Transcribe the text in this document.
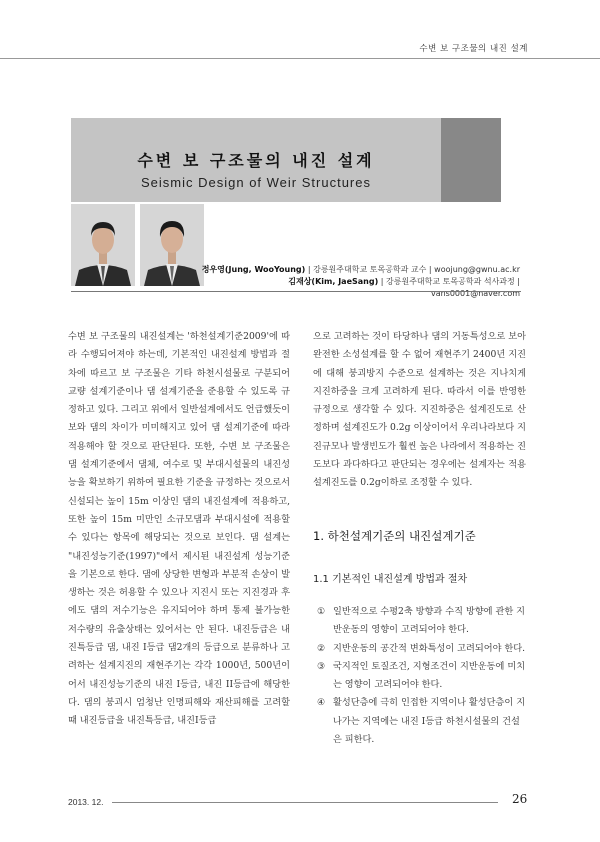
수변 보 구조물의 내진 설계
수변 보 구조물의 내진 설계
Seismic Design of Weir Structures
정우영(Jung, WooYoung) | 강릉원주대학교 토목공학과 교수 | woojung@gwnu.ac.kr
김재상(Kim, JaeSang) | 강릉원주대학교 토목공학과 석사과정 | vans0001@naver.com
수변 보 구조물의 내진설계는 '하천설계기준2009'에 따라 수행되어져야 하는데, 기본적인 내진설계 방법과 절차에 따르고 보 구조물은 기타 하천시설물로 구분되어 교량 설계기준이나 댐 설계기준을 준용할 수 있도록 규정하고 있다. 그리고 위에서 일반설계에서도 언급했듯이 보와 댐의 차이가 미미해지고 있어 댐 설계기준에 따라 적용해야 할 것으로 판단된다. 또한, 수변 보 구조물은 댐 설계기준에서 댐체, 여수로 및 부대시설물의 내진성능을 확보하기 위하여 필요한 기준을 규정하는 것으로서 신설되는 높이 15m 이상인 댐의 내진설계에 적용하고, 또한 높이 15m 미만인 소규모댐과 부대시설에 적용할 수 있다는 항목에 해당되는 것으로 보인다. 댐 설계는 "내진성능기준(1997)"에서 제시된 내진설계 성능기준을 기본으로 한다. 댐에 상당한 변형과 부분적 손상이 발생하는 것은 허용할 수 있으나 지진시 또는 지진경과 후에도 댐의 저수기능은 유지되어야 하며 통제 불가능한 저수량의 유출상태는 있어서는 안 된다. 내진등급은 내진특등급 댐, 내진 I등급 댐2개의 등급으로 분류하나 고려하는 설계지진의 재현주기는 각각 1000년, 500년이어서 내진성능기준의 내진 I등급, 내진 II등급에 해당한다. 댐의 붕괴시 엄청난 인명피해와 재산피해를 고려할 때 내진등급을 내진특등급, 내진I등급
으로 고려하는 것이 타당하나 댐의 거동특성으로 보아 완전한 소성설계를 할 수 없어 재현주기 2400년 지진에 대해 붕괴방지 수준으로 설계하는 것은 지나치게 지진하중을 크게 고려하게 된다. 따라서 이를 반영한 규정으로 생각할 수 있다. 지진하중은 설계진도로 산정하며 설계진도가 0.2g 이상이어서 우리나라보다 지진규모나 발생빈도가 훨씬 높은 나라에서 적용하는 진도보다 과다하다고 판단되는 경우에는 설계자는 적용설계진도를 0.2g이하로 조정할 수 있다.
1. 하천설계기준의 내진설계기준
1.1 기본적인 내진설계 방법과 절차
① 일반적으로 수평2축 방향과 수직 방향에 관한 지반운동의 영향이 고려되어야 한다.
② 지반운동의 공간적 변화특성이 고려되어야 한다.
③ 국지적인 토질조건, 지형조건이 지반운동에 미치는 영향이 고려되어야 한다.
④ 활성단층에 극히 인접한 지역이나 활성단층이 지나가는 지역에는 내진 I등급 하천시설물의 건설은 피한다.
2013. 12.	26
